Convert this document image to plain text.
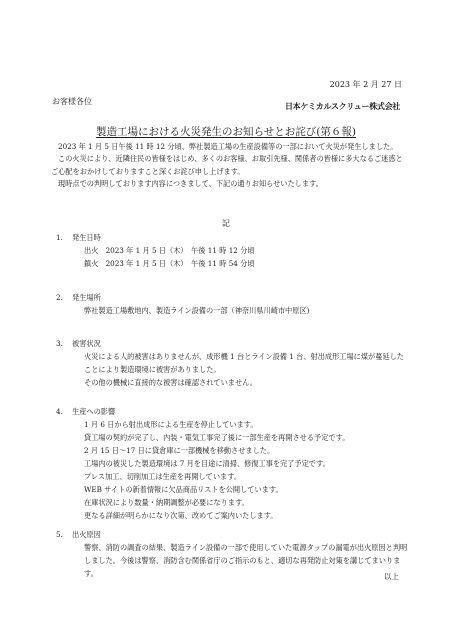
2023 年 2 月 27 日
お客様各位
日本ケミカルスクリュー株式会社
製造工場における火災発生のお知らせとお詫び(第６報)

2023 年 1 月 5 日午後 11 時 12 分頃、弊社製造工場の生産設備等の一部において火災が発生しました。

この火災により、近隣住民の皆様をはじめ、多くのお客様、お取引先様、関係者の皆様に多大なるご迷惑とご心配をおかけしておりますこと深くお詫び申し上げます。

現時点での判明しております内容につきまして、下記の通りお知らせいたします。

記
1.	発生日時
出火　2023 年 1 月 5 日（木）　午後 11 時 12 分頃
鎮火　2023 年 1 月 5 日（木）　午後 11 時 54 分頃
2.	発生場所
弊社製造工場敷地内、製造ライン設備の一部（神奈川県川崎市中原区)
3.	被害状況
火災による人的被害はありませんが、成形機 1 台とライン設備 1 台、射出成形工場に煤が蔓延したことにより製造環境に被害がありました。
その他の機械に直接的な被害は確認されていません。
4.	生産への影響
1 月 6 日から射出成形による生産を停止しています。
貸工場の契約が完了し、内装・電気工事完了後に一部生産を再開させる予定です。
2 月 15 日～17 日に貸倉庫に一部機械を移動させました。
工場内の被災した製造環境は 7 月を目途に清掃、修復工事を完了予定です。
プレス加工、切削加工は生産を再開しています。
WEB サイトの新着情報に欠品商品リストを公開しています。
在庫状況により数量・納期調整が必要になります。
更なる詳細が明らかになり次第、改めてご案内いたします。
5.	出火原因
警察、消防の調査の結果、製造ライン設備の一部で使用していた電源タップの漏電が出火原因と判明しました。今後は警察、消防含む関係省庁のご指示のもと、適切な再発防止対策を講じてまいります。	以上
